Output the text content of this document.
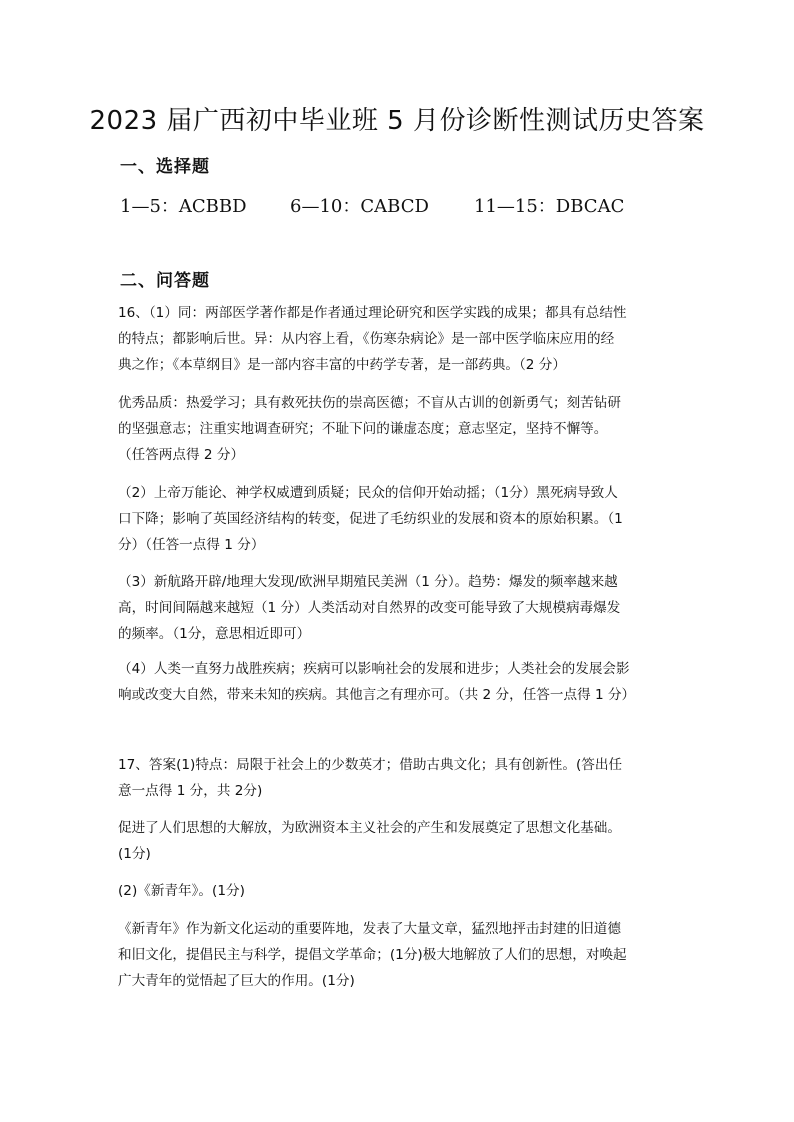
2023 届广西初中毕业班 5 月份诊断性测试历史答案
一、选择题
1—5：ACBBD 6—10：CABCD	11—15：DBCAC
二、问答题
16、（1）同：两部医学著作都是作者通过理论研究和医学实践的成果；都具有总结性
的特点；都影响后世。异：从内容上看，《伤寒杂病论》是一部中医学临床应用的经
典之作；《本草纲目》是一部内容丰富的中药学专著，是一部药典。（2 分）
优秀品质：热爱学习；具有救死扶伤的崇高医德；不盲从古训的创新勇气；刻苦钻研
的坚强意志；注重实地调查研究；不耻下问的谦虚态度；意志坚定，坚持不懈等。
（任答两点得 2 分）
（2）上帝万能论、神学权威遭到质疑；民众的信仰开始动摇；（1分）黑死病导致人
口下降；影响了英国经济结构的转变，促进了毛纺织业的发展和资本的原始积累。（1
分）（任答一点得 1 分）
（3）新航路开辟/地理大发现/欧洲早期殖民美洲（1 分）。趋势：爆发的频率越来越
高，时间间隔越来越短（1 分）人类活动对自然界的改变可能导致了大规模病毒爆发
的频率。（1分，意思相近即可）
（4）人类一直努力战胜疾病；疾病可以影响社会的发展和进步；人类社会的发展会影
响或改变大自然，带来未知的疾病。其他言之有理亦可。（共 2 分，任答一点得 1 分）
17、答案(1)特点：局限于社会上的少数英才；借助古典文化；具有创新性。(答出任
意一点得 1 分，共 2分)
促进了人们思想的大解放，为欧洲资本主义社会的产生和发展奠定了思想文化基础。
(1分)
(2)《新青年》。(1分)
《新青年》作为新文化运动的重要阵地，发表了大量文章，猛烈地抨击封建的旧道德
和旧文化，提倡民主与科学，提倡文学革命；(1分)极大地解放了人们的思想，对唤起
广大青年的觉悟起了巨大的作用。(1分)
